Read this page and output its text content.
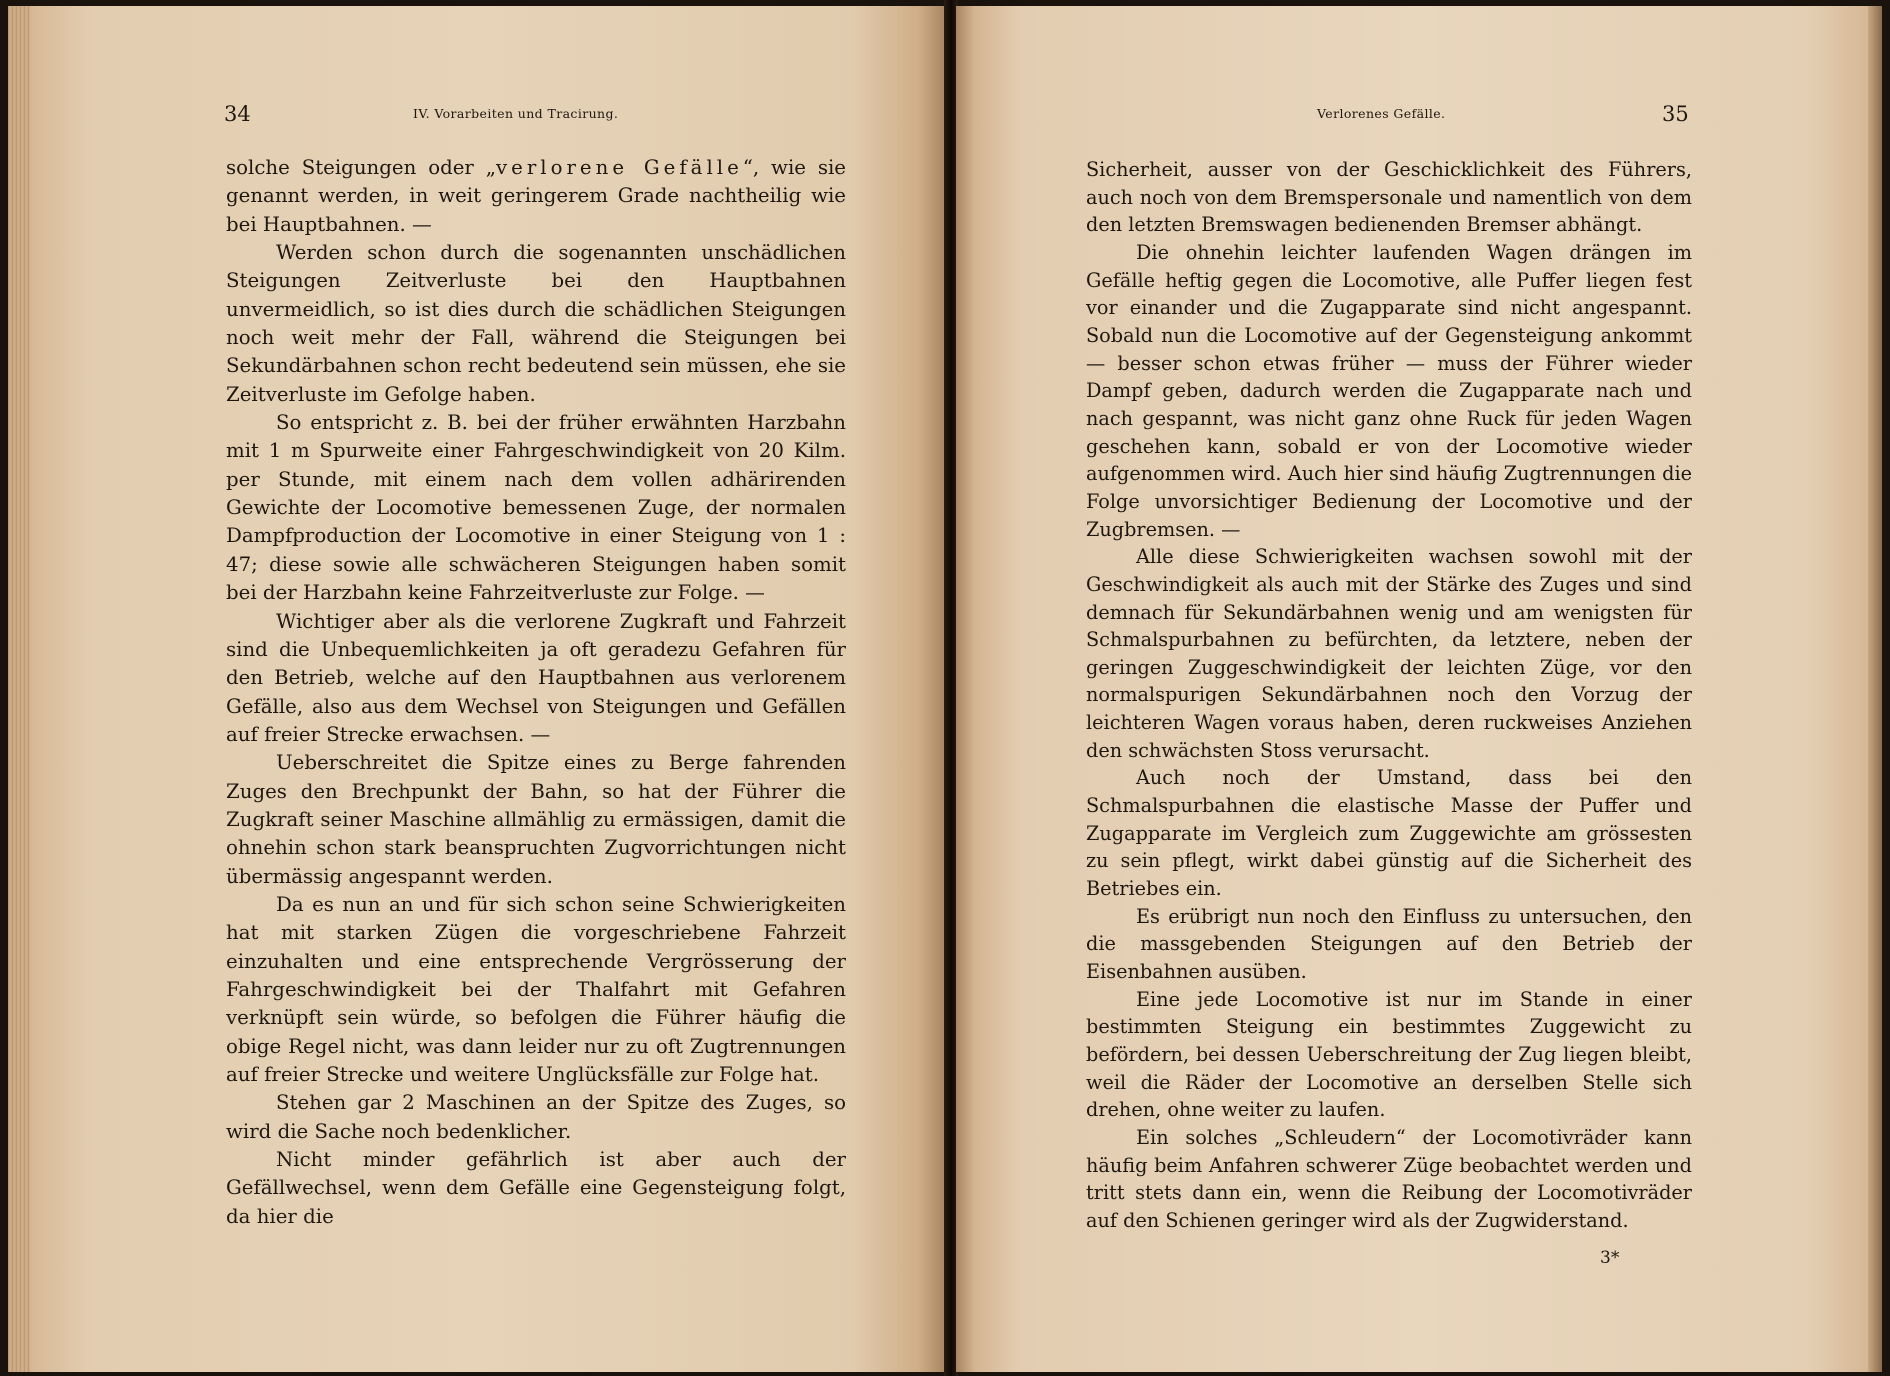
34	IV. Vorarbeiten und Tracirung.

solche Steigungen oder „verlorene Gefälle“, wie sie genannt werden, in weit geringerem Grade nachtheilig wie bei Hauptbahnen. —

Werden schon durch die sogenannten unschädlichen Steigungen Zeitverluste bei den Hauptbahnen unvermeidlich, so ist dies durch die schädlichen Steigungen noch weit mehr der Fall, während die Steigungen bei Sekundärbahnen schon recht bedeutend sein müssen, ehe sie Zeitverluste im Gefolge haben.

So entspricht z. B. bei der früher erwähnten Harzbahn mit 1 m Spurweite einer Fahrgeschwindigkeit von 20 Kilm. per Stunde, mit einem nach dem vollen adhärirenden Gewichte der Locomotive bemessenen Zuge, der normalen Dampfproduction der Locomotive in einer Steigung von 1 : 47; diese sowie alle schwächeren Steigungen haben somit bei der Harzbahn keine Fahrzeitverluste zur Folge. —

Wichtiger aber als die verlorene Zugkraft und Fahrzeit sind die Unbequemlichkeiten ja oft geradezu Gefahren für den Betrieb, welche auf den Hauptbahnen aus verlorenem Gefälle, also aus dem Wechsel von Steigungen und Gefällen auf freier Strecke erwachsen. —

Ueberschreitet die Spitze eines zu Berge fahrenden Zuges den Brechpunkt der Bahn, so hat der Führer die Zugkraft seiner Maschine allmählig zu ermässigen, damit die ohnehin schon stark beanspruchten Zugvorrichtungen nicht übermässig angespannt werden.

Da es nun an und für sich schon seine Schwierigkeiten hat mit starken Zügen die vorgeschriebene Fahrzeit einzuhalten und eine entsprechende Vergrösserung der Fahrgeschwindigkeit bei der Thalfahrt mit Gefahren verknüpft sein würde, so befolgen die Führer häufig die obige Regel nicht, was dann leider nur zu oft Zugtrennungen auf freier Strecke und weitere Unglücksfälle zur Folge hat.

Stehen gar 2 Maschinen an der Spitze des Zuges, so wird die Sache noch bedenklicher.

Nicht minder gefährlich ist aber auch der Gefällwechsel, wenn dem Gefälle eine Gegensteigung folgt, da hier die

Verlorenes Gefälle.	35

Sicherheit, ausser von der Geschicklichkeit des Führers, auch noch von dem Bremspersonale und namentlich von dem den letzten Bremswagen bedienenden Bremser abhängt.

Die ohnehin leichter laufenden Wagen drängen im Gefälle heftig gegen die Locomotive, alle Puffer liegen fest vor einander und die Zugapparate sind nicht angespannt. Sobald nun die Locomotive auf der Gegensteigung ankommt — besser schon etwas früher — muss der Führer wieder Dampf geben, dadurch werden die Zugapparate nach und nach gespannt, was nicht ganz ohne Ruck für jeden Wagen geschehen kann, sobald er von der Locomotive wieder aufgenommen wird. Auch hier sind häufig Zugtrennungen die Folge unvorsichtiger Bedienung der Locomotive und der Zugbremsen. —

Alle diese Schwierigkeiten wachsen sowohl mit der Geschwindigkeit als auch mit der Stärke des Zuges und sind demnach für Sekundärbahnen wenig und am wenigsten für Schmalspurbahnen zu befürchten, da letztere, neben der geringen Zuggeschwindigkeit der leichten Züge, vor den normalspurigen Sekundärbahnen noch den Vorzug der leichteren Wagen voraus haben, deren ruckweises Anziehen den schwächsten Stoss verursacht.

Auch noch der Umstand, dass bei den Schmalspurbahnen die elastische Masse der Puffer und Zugapparate im Vergleich zum Zuggewichte am grössesten zu sein pflegt, wirkt dabei günstig auf die Sicherheit des Betriebes ein.

Es erübrigt nun noch den Einfluss zu untersuchen, den die massgebenden Steigungen auf den Betrieb der Eisenbahnen ausüben.

Eine jede Locomotive ist nur im Stande in einer bestimmten Steigung ein bestimmtes Zuggewicht zu befördern, bei dessen Ueberschreitung der Zug liegen bleibt, weil die Räder der Locomotive an derselben Stelle sich drehen, ohne weiter zu laufen.

Ein solches „Schleudern“ der Locomotivräder kann häufig beim Anfahren schwerer Züge beobachtet werden und tritt stets dann ein, wenn die Reibung der Locomotivräder auf den Schienen geringer wird als der Zugwiderstand.

3*
